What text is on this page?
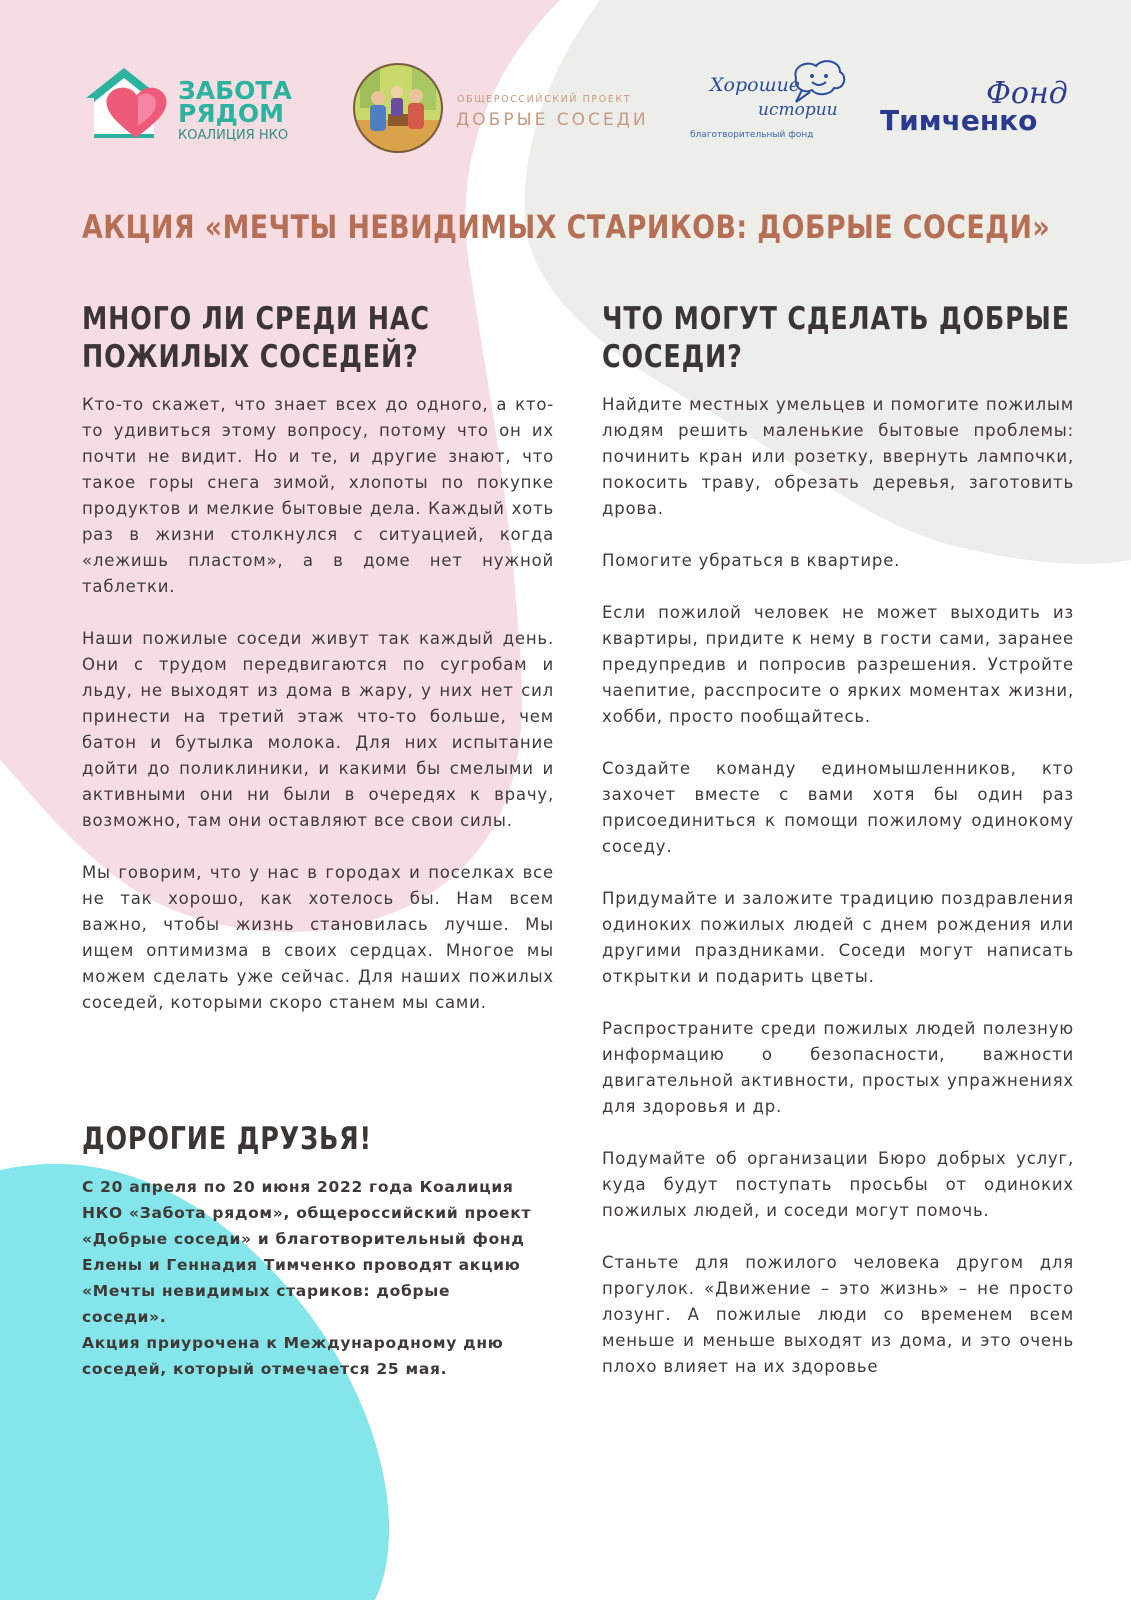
ЗАБОТА
РЯДОМ
КОАЛИЦИЯ НКО
ОБЩЕРОССИЙСКИЙ ПРОЕКТ
ДОБРЫЕ СОСЕДИ
Хорошие
истории
благотворительный фонд
Фонд
Тимченко
АКЦИЯ «МЕЧТЫ НЕВИДИМЫХ СТАРИКОВ: ДОБРЫЕ СОСЕДИ»
МНОГО ЛИ СРЕДИ НАС
ПОЖИЛЫХ СОСЕДЕЙ?
ЧТО МОГУТ СДЕЛАТЬ ДОБРЫЕ
СОСЕДИ?

Кто-то скажет, что знает всех до одного, а кто-то удивиться этому вопросу, потому что он их почти не видит. Но и те, и другие знают, что такое горы снега зимой, хлопоты по покупке продуктов и мелкие бытовые дела. Каждый хоть раз в жизни столкнулся с ситуацией, когда «лежишь пластом», а в доме нет нужной таблетки.

Наши пожилые соседи живут так каждый день. Они с трудом передвигаются по сугробам и льду, не выходят из дома в жару, у них нет сил принести на третий этаж что-то больше, чем батон и бутылка молока. Для них испытание дойти до поликлиники, и какими бы смелыми и активными они ни были в очередях к врачу, возможно, там они оставляют все свои силы.

Мы говорим, что у нас в городах и поселках все не так хорошо, как хотелось бы. Нам всем важно, чтобы жизнь становилась лучше. Мы ищем оптимизма в своих сердцах. Многое мы можем сделать уже сейчас. Для наших пожилых соседей, которыми скоро станем мы сами.

ДОРОГИЕ ДРУЗЬЯ!

С 20 апреля по 20 июня 2022 года Коалиция

НКО «Забота рядом», общероссийский проект

«Добрые соседи» и благотворительный фонд

Елены и Геннадия Тимченко проводят акцию

«Мечты невидимых стариков: добрые

соседи».

Акция приурочена к Международному дню

соседей, который отмечается 25 мая.

Найдите местных умельцев и помогите пожилым людям решить маленькие бытовые проблемы: починить кран или розетку, ввернуть лампочки, покосить траву, обрезать деревья, заготовить дрова.

Помогите убраться в квартире.

Если пожилой человек не может выходить из квартиры, придите к нему в гости сами, заранее предупредив и попросив разрешения. Устройте чаепитие, расспросите о ярких моментах жизни, хобби, просто пообщайтесь.

Создайте команду единомышленников, кто захочет вместе с вами хотя бы один раз присоединиться к помощи пожилому одинокому соседу.

Придумайте и заложите традицию поздравления одиноких пожилых людей с днем рождения или другими праздниками. Соседи могут написать открытки и подарить цветы.

Распространите среди пожилых людей полезную информацию о безопасности, важности двигательной активности, простых упражнениях для здоровья и др.

Подумайте об организации Бюро добрых услуг, куда будут поступать просьбы от одиноких пожилых людей, и соседи могут помочь.

Станьте для пожилого человека другом для прогулок. «Движение – это жизнь» – не просто лозунг. А пожилые люди со временем всем меньше и меньше выходят из дома, и это очень плохо влияет на их здоровье
